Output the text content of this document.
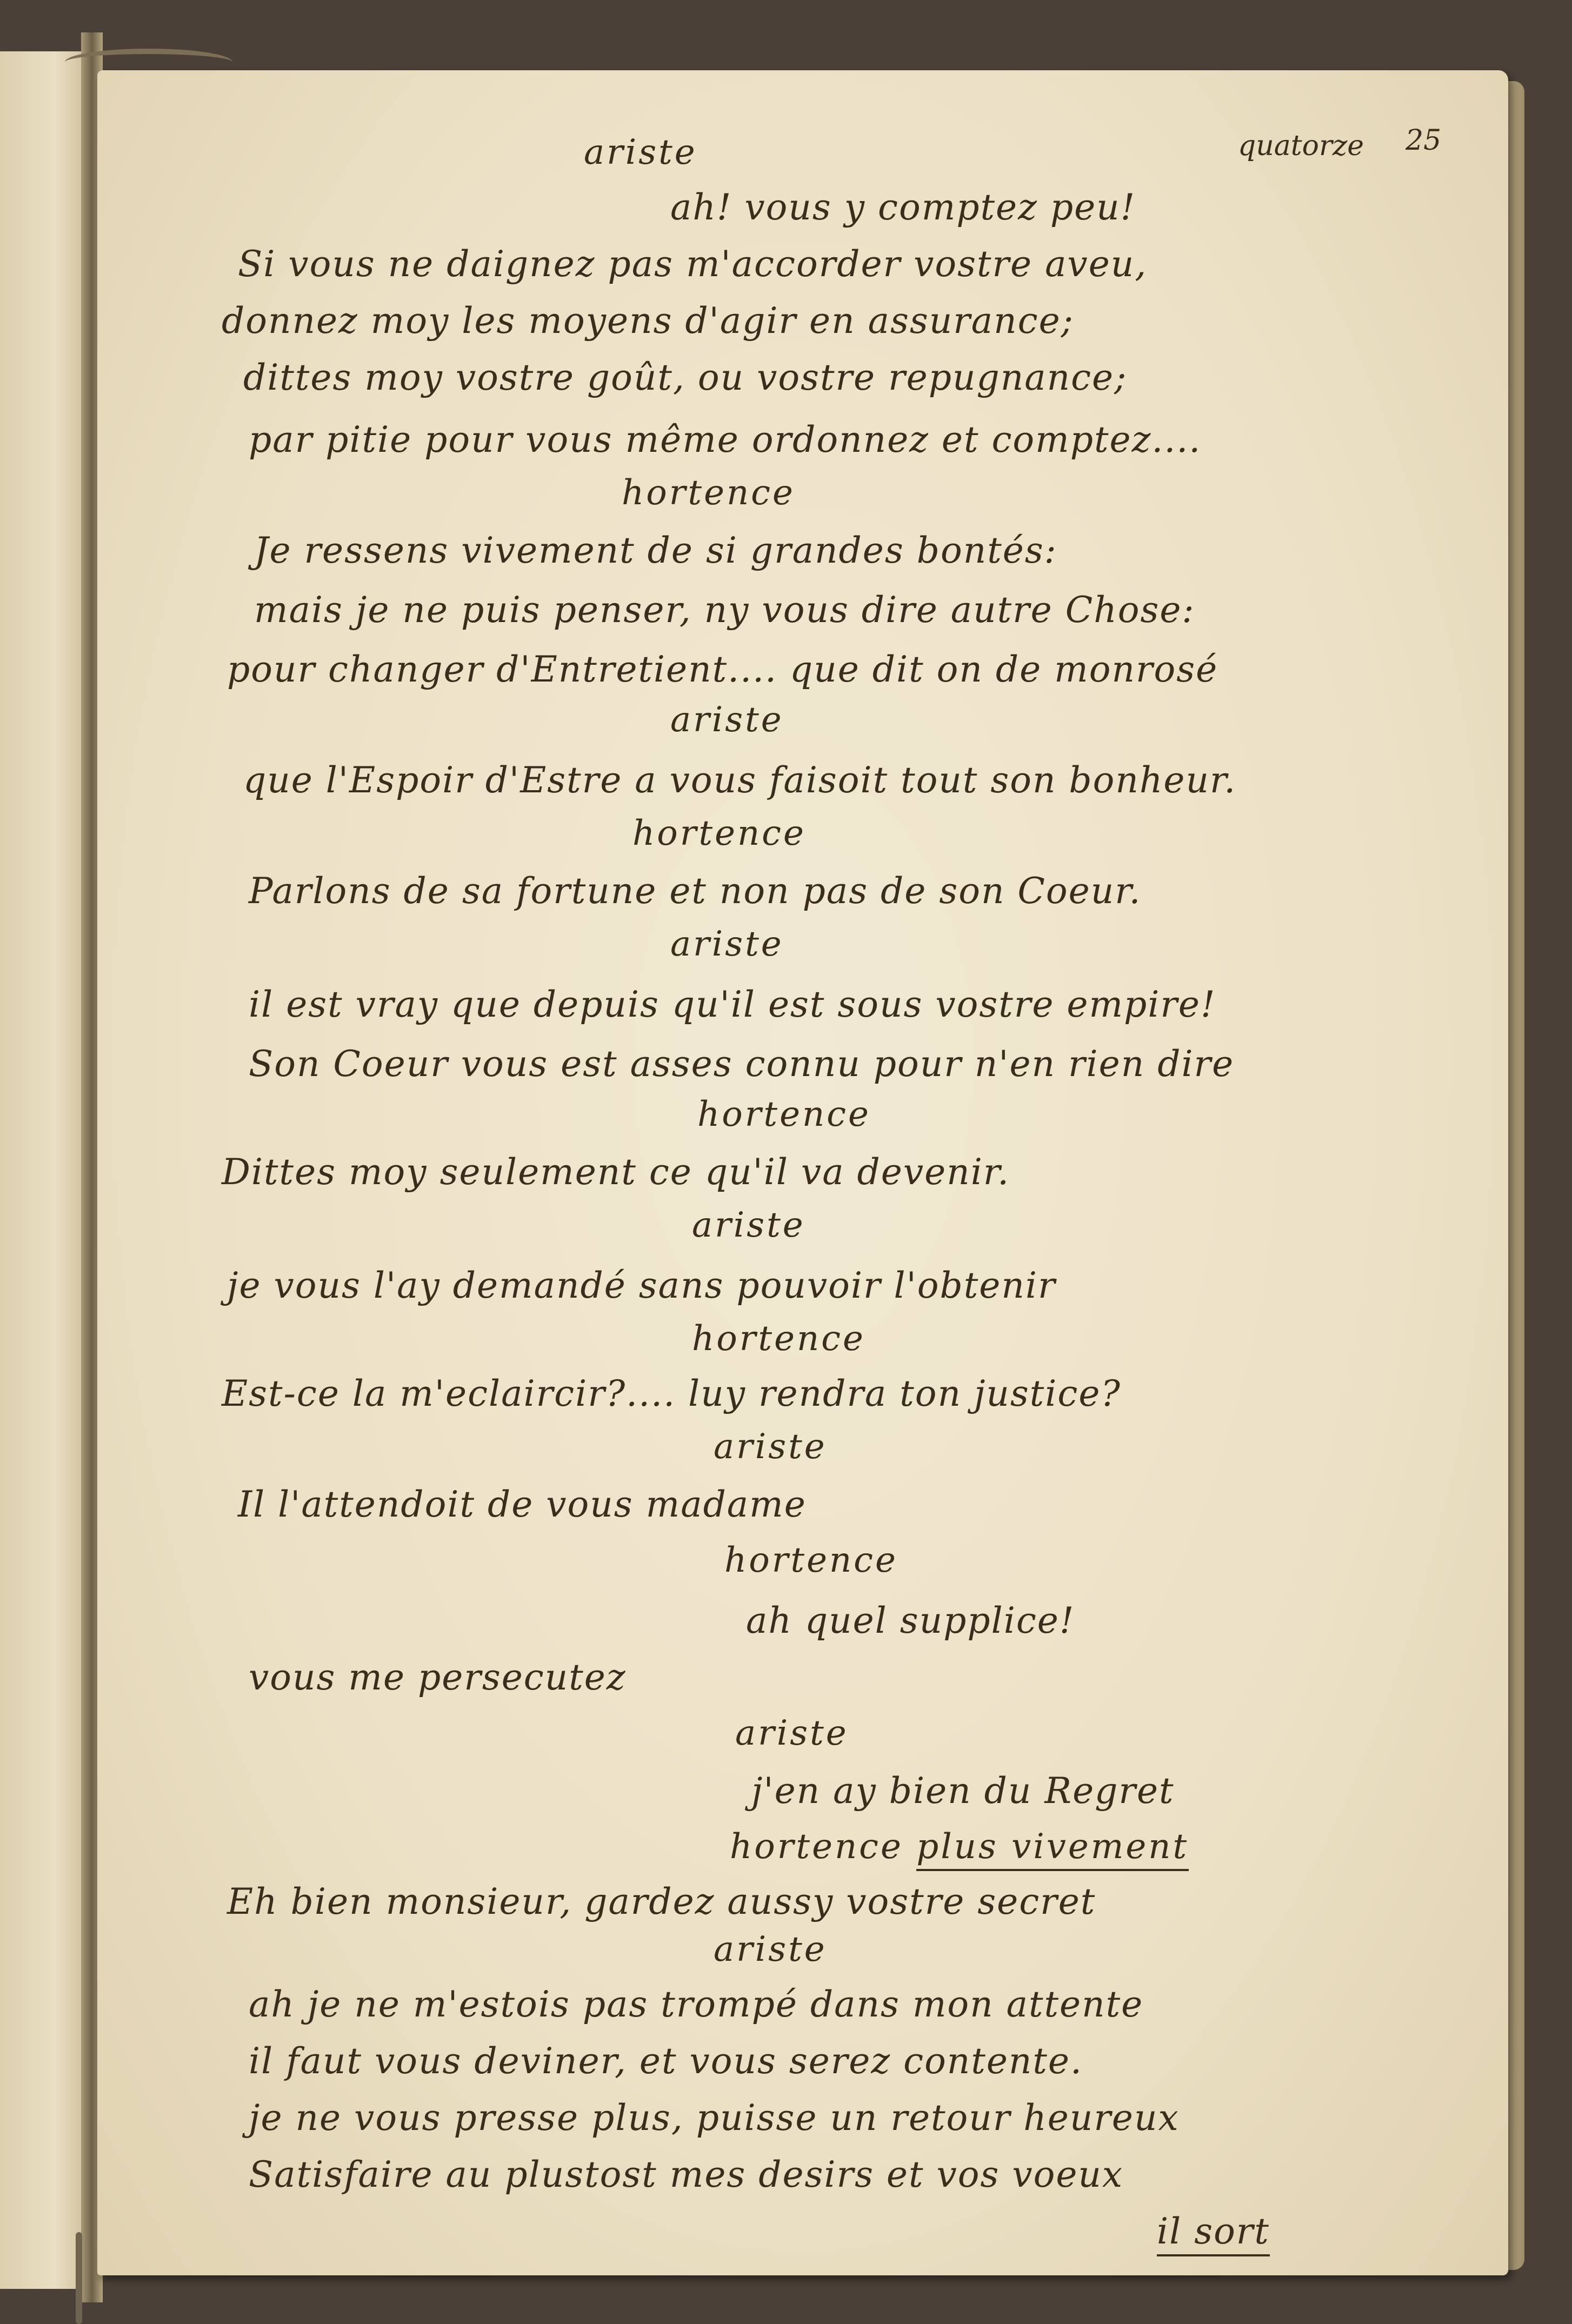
quatorze 25
ariste
ah! vous y comptez peu!
Si vous ne daignez pas m'accorder vostre aveu,
donnez moy les moyens d'agir en assurance;
dittes moy vostre goût, ou vostre repugnance;
par pitie pour vous même ordonnez et comptez....
hortence
Je ressens vivement de si grandes bontés:
mais je ne puis penser, ny vous dire autre Chose:
pour changer d'Entretient.... que dit on de monrosé
ariste
que l'Espoir d'Estre a vous faisoit tout son bonheur.
hortence
Parlons de sa fortune et non pas de son Coeur.
ariste
il est vray que depuis qu'il est sous vostre empire!
Son Coeur vous est asses connu pour n'en rien dire
hortence
Dittes moy seulement ce qu'il va devenir.
ariste
je vous l'ay demandé sans pouvoir l'obtenir
hortence
Est-ce la m'eclaircir?.... luy rendra ton justice?
ariste
Il l'attendoit de vous madame
hortence
ah quel supplice!
vous me persecutez
ariste
j'en ay bien du Regret
hortence plus vivement
Eh bien monsieur, gardez aussy vostre secret
ariste
ah je ne m'estois pas trompé dans mon attente
il faut vous deviner, et vous serez contente.
je ne vous presse plus, puisse un retour heureux
Satisfaire au plustost mes desirs et vos voeux
il sort
